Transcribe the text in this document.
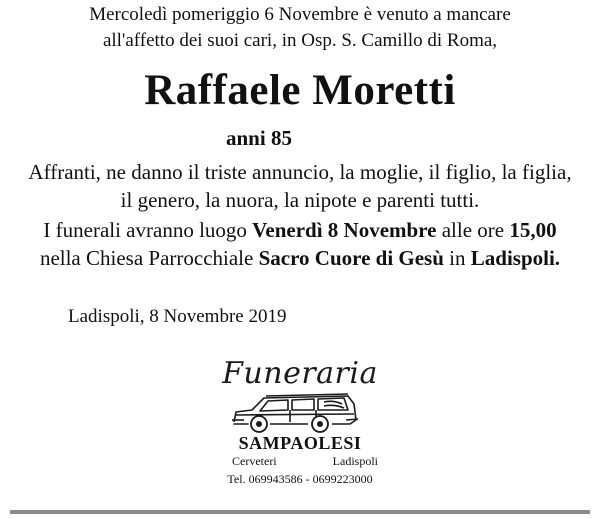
Mercoledì pomeriggio 6 Novembre è venuto a mancare
all'affetto dei suoi cari, in Osp. S. Camillo di Roma,
Raffaele Moretti
anni 85
Affranti, ne danno il triste annuncio, la moglie, il figlio, la figlia,
il genero, la nuora, la nipote e parenti tutti.
I funerali avranno luogo Venerdì 8 Novembre alle ore 15,00
nella Chiesa Parrocchiale Sacro Cuore di Gesù in Ladispoli.
Ladispoli, 8 Novembre 2019
Funeraria
SAMPAOLESI
Cerveteri	Ladispoli
Tel. 069943586 - 0699223000
